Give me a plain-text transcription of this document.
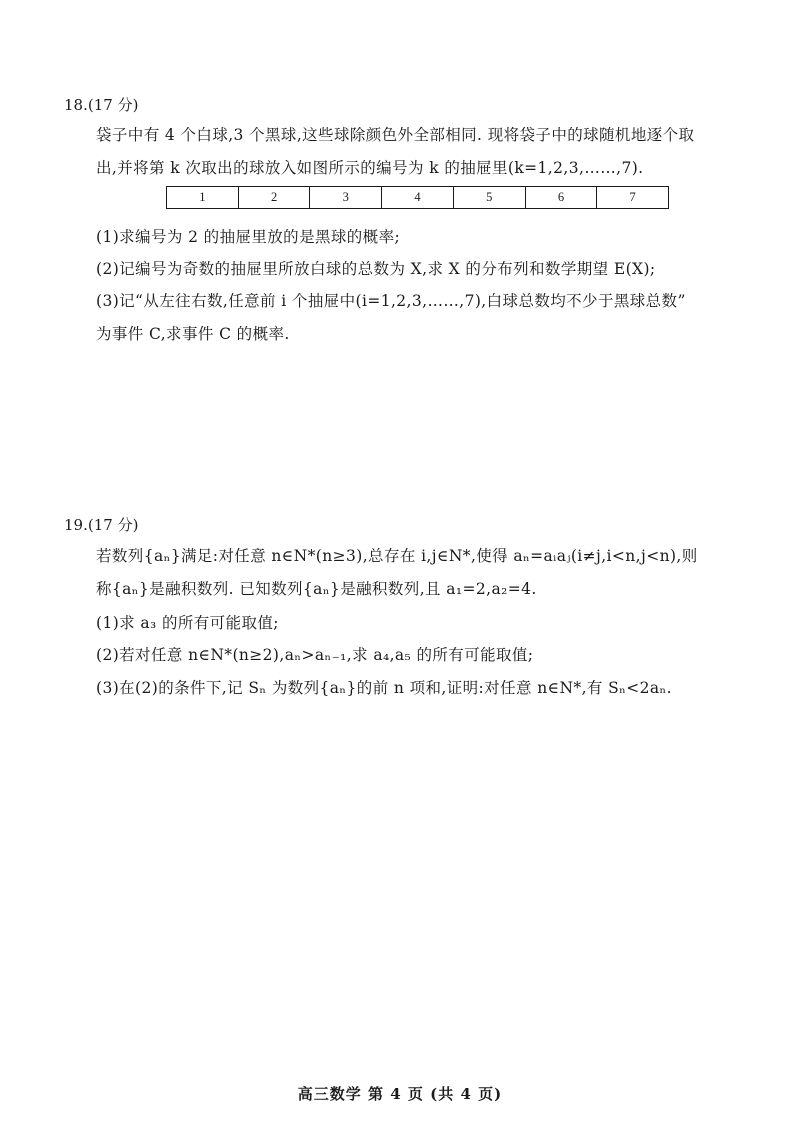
18.(17 分)
袋子中有 4 个白球,3 个黑球,这些球除颜色外全部相同. 现将袋子中的球随机地逐个取
出,并将第 k 次取出的球放入如图所示的编号为 k 的抽屉里(k=1,2,3,……,7).
1	2	3	4	5	6	7
(1)求编号为 2 的抽屉里放的是黑球的概率;
(2)记编号为奇数的抽屉里所放白球的总数为 X,求 X 的分布列和数学期望 E(X);
(3)记“从左往右数,任意前 i 个抽屉中(i=1,2,3,……,7),白球总数均不少于黑球总数”
为事件 C,求事件 C 的概率.
19.(17 分)
若数列{aₙ}满足:对任意 n∈N*(n≥3),总存在 i,j∈N*,使得 aₙ=aᵢaⱼ(i≠j,i<n,j<n),则
称{aₙ}是融积数列. 已知数列{aₙ}是融积数列,且 a₁=2,a₂=4.
(1)求 a₃ 的所有可能取值;
(2)若对任意 n∈N*(n≥2),aₙ>aₙ₋₁,求 a₄,a₅ 的所有可能取值;
(3)在(2)的条件下,记 Sₙ 为数列{aₙ}的前 n 项和,证明:对任意 n∈N*,有 Sₙ<2aₙ.
高三数学 第 4 页 (共 4 页)
